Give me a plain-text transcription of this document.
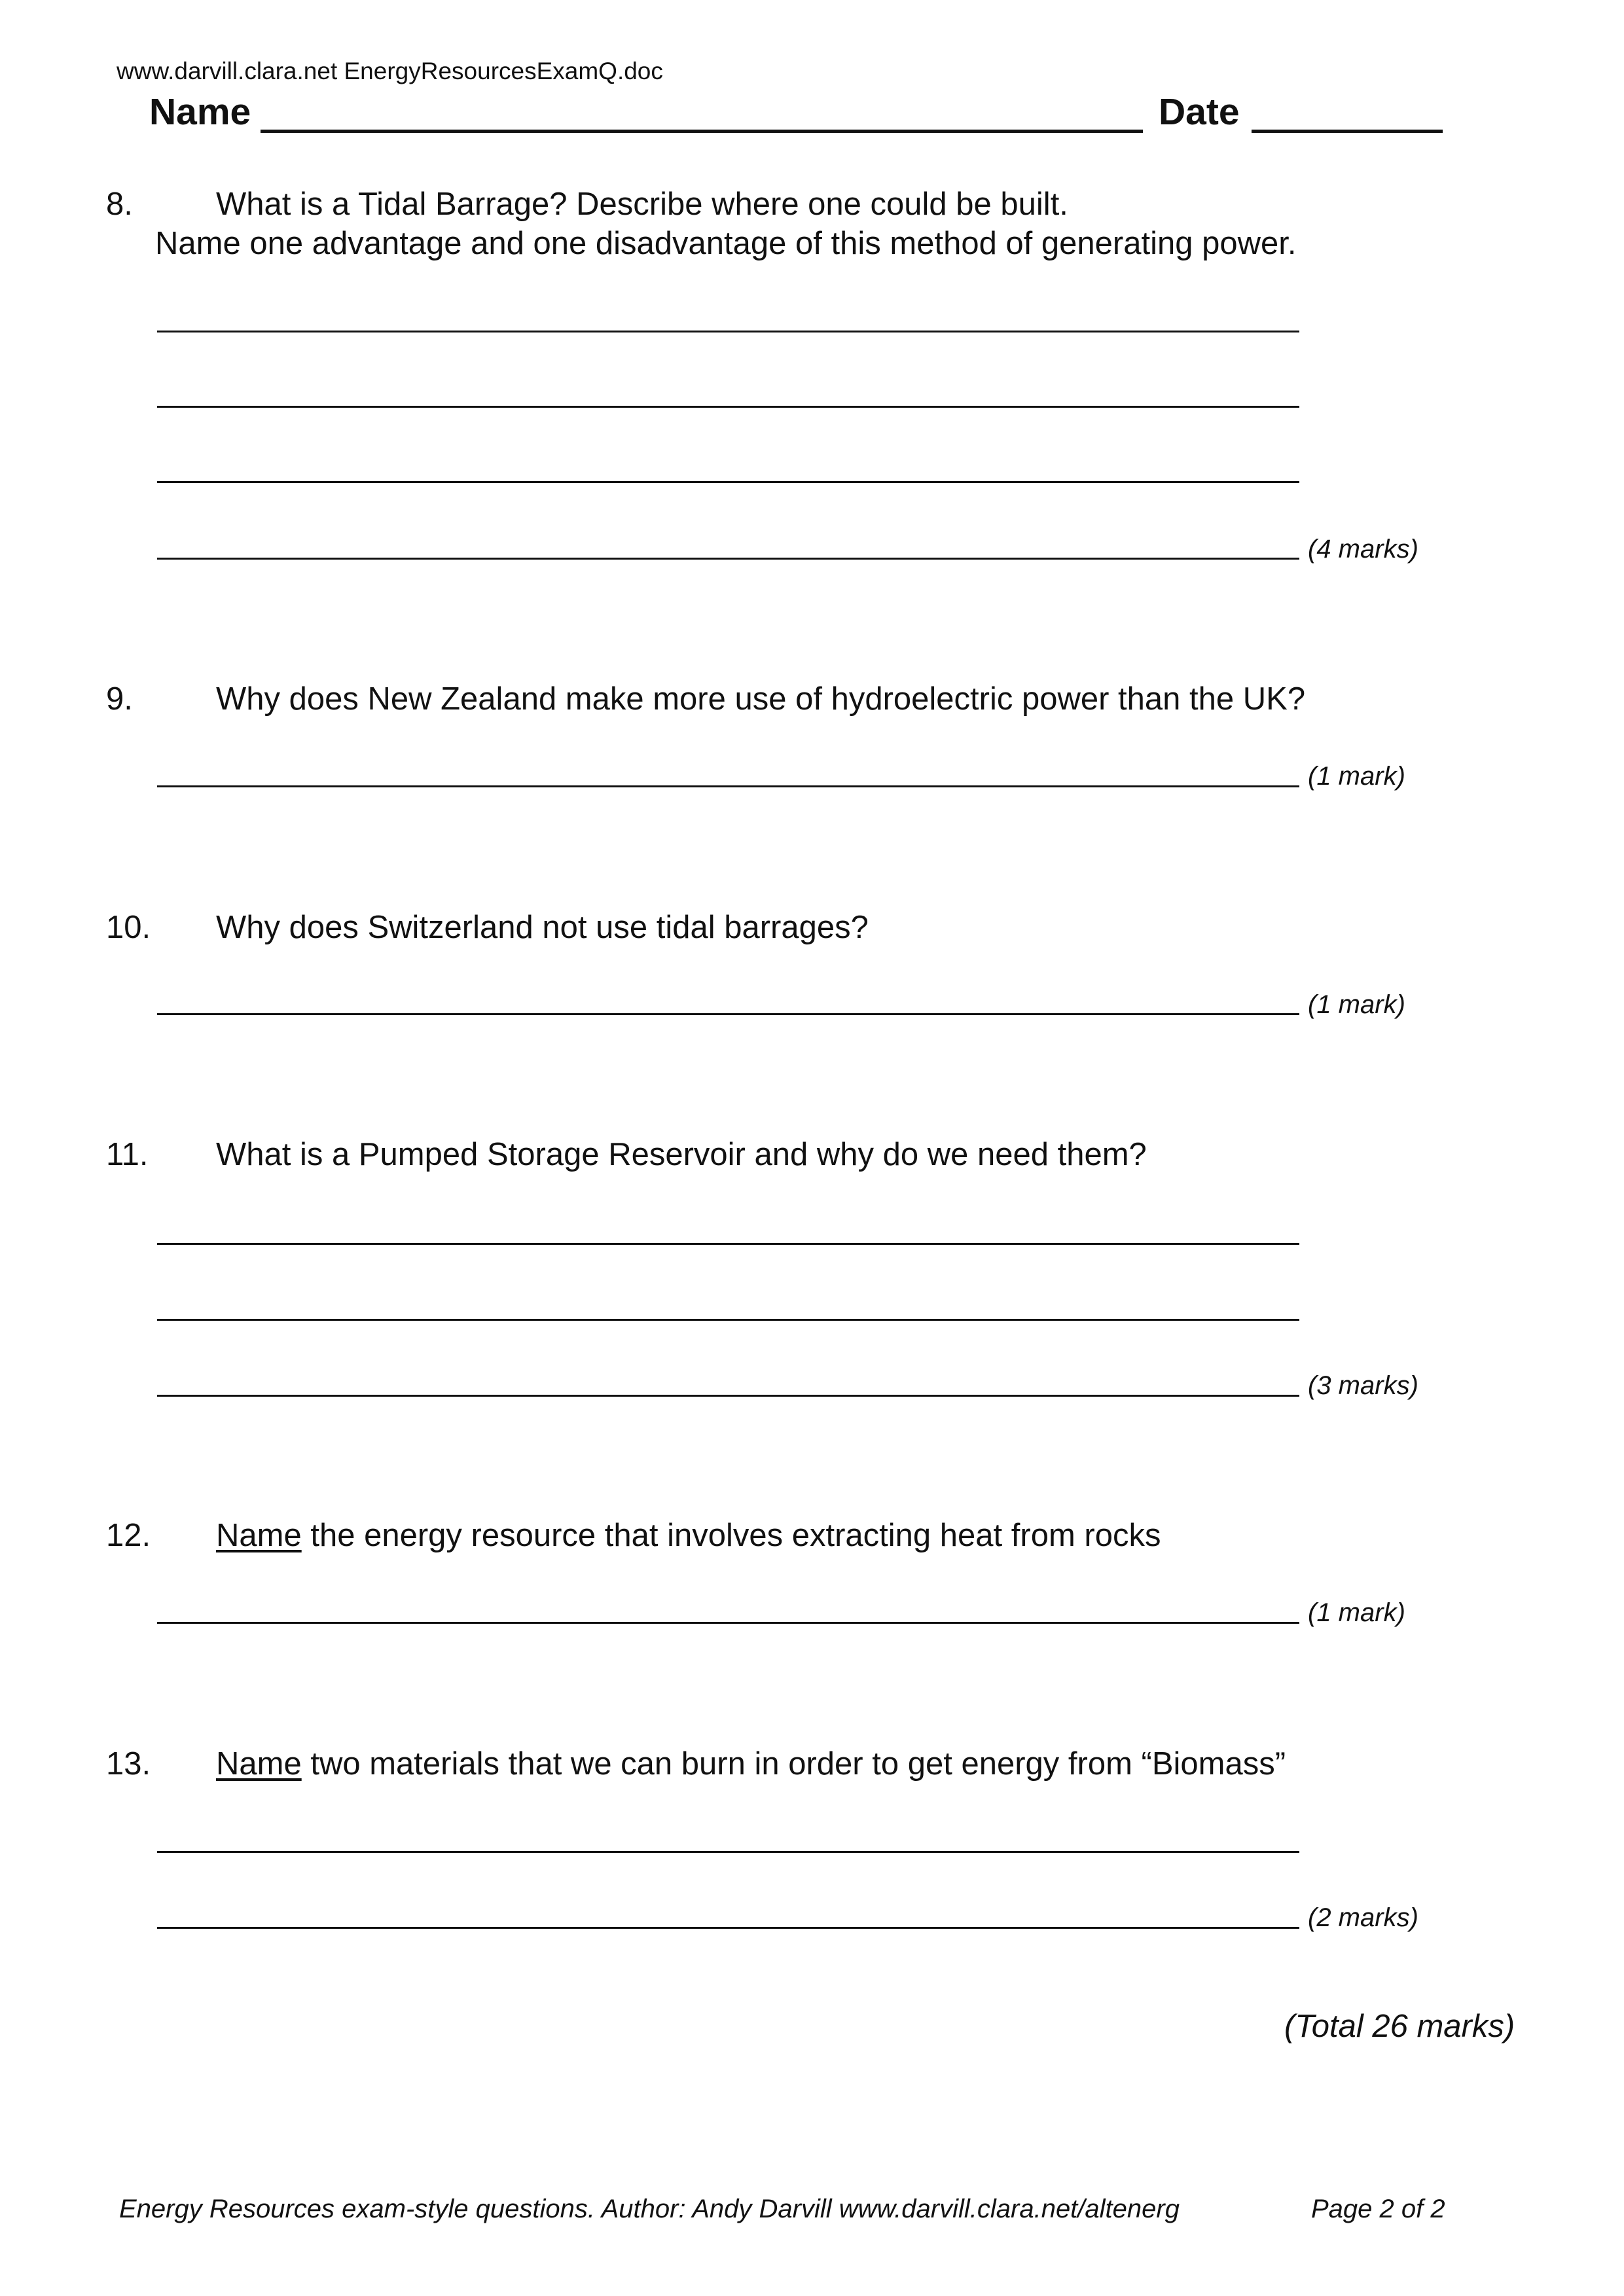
www.darvill.clara.net EnergyResourcesExamQ.doc
Name	Date
8.	What is a Tidal Barrage? Describe where one could be built.
Name one advantage and one disadvantage of this method of generating power.
(4 marks)
9.	Why does New Zealand make more use of hydroelectric power than the UK?
(1 mark)
10. Why does Switzerland not use tidal barrages?
(1 mark)
11. What is a Pumped Storage Reservoir and why do we need them?
(3 marks)
12. Name the energy resource that involves extracting heat from rocks
(1 mark)
13. Name two materials that we can burn in order to get energy from “Biomass”
(2 marks)
(Total 26 marks)
Energy Resources exam-style questions. Author: Andy Darvill www.darvill.clara.net/altenerg	Page 2 of 2
